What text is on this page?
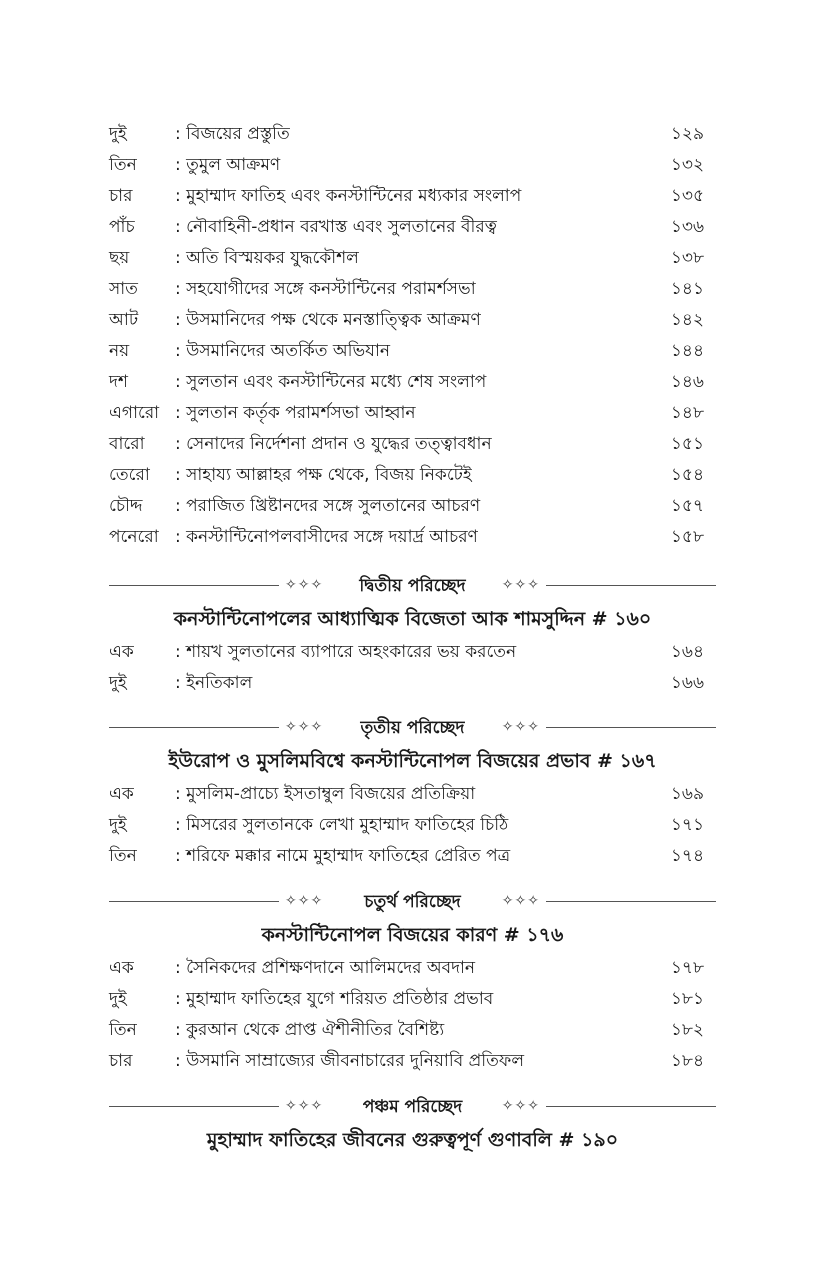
দুই	: বিজয়ের প্রস্তুতি	১২৯
তিন	: তুমুল আক্রমণ	১৩২
চার	: মুহাম্মাদ ফাতিহ এবং কনস্টান্টিনের মধ্যকার সংলাপ	১৩৫
পাঁচ	: নৌবাহিনী-প্রধান বরখাস্ত এবং সুলতানের বীরত্ব	১৩৬
ছয়	: অতি বিস্ময়কর যুদ্ধকৌশল	১৩৮
সাত	: সহযোগীদের সঙ্গে কনস্টান্টিনের পরামর্শসভা	১৪১
আট	: উসমানিদের পক্ষ থেকে মনস্তাত্ত্বিক আক্রমণ	১৪২
নয়	: উসমানিদের অতর্কিত অভিযান	১৪৪
দশ	: সুলতান এবং কনস্টান্টিনের মধ্যে শেষ সংলাপ	১৪৬
এগারো : সুলতান কর্তৃক পরামর্শসভা আহ্বান	১৪৮
বারো	: সেনাদের নির্দেশনা প্রদান ও যুদ্ধের তত্ত্বাবধান	১৫১
তেরো	: সাহায্য আল্লাহর পক্ষ থেকে, বিজয় নিকটেই	১৫৪
চৌদ্দ	: পরাজিত খ্রিষ্টানদের সঙ্গে সুলতানের আচরণ	১৫৭
পনেরো : কনস্টান্টিনোপলবাসীদের সঙ্গে দয়ার্দ্র আচরণ	১৫৮
✧✧✧	দ্বিতীয় পরিচ্ছেদ	✧✧✧
কনস্টান্টিনোপলের আধ্যাত্মিক বিজেতা আক শামসুদ্দিন # ১৬০
এক	: শায়খ সুলতানের ব্যাপারে অহংকারের ভয় করতেন	১৬৪
দুই	: ইনতিকাল	১৬৬
✧✧✧	তৃতীয় পরিচ্ছেদ	✧✧✧
ইউরোপ ও মুসলিমবিশ্বে কনস্টান্টিনোপল বিজয়ের প্রভাব # ১৬৭
এক	: মুসলিম-প্রাচ্যে ইসতাম্বুল বিজয়ের প্রতিক্রিয়া	১৬৯
দুই	: মিসরের সুলতানকে লেখা মুহাম্মাদ ফাতিহের চিঠি	১৭১
তিন	: শরিফে মক্কার নামে মুহাম্মাদ ফাতিহের প্রেরিত পত্র	১৭৪
✧✧✧	চতুর্থ পরিচ্ছেদ	✧✧✧
কনস্টান্টিনোপল বিজয়ের কারণ # ১৭৬
এক	: সৈনিকদের প্রশিক্ষণদানে আলিমদের অবদান	১৭৮
দুই	: মুহাম্মাদ ফাতিহের যুগে শরিয়ত প্রতিষ্ঠার প্রভাব	১৮১
তিন	: কুরআন থেকে প্রাপ্ত ঐশীনীতির বৈশিষ্ট্য	১৮২
চার	: উসমানি সাম্রাজ্যের জীবনাচারের দুনিয়াবি প্রতিফল	১৮৪
✧✧✧	পঞ্চম পরিচ্ছেদ	✧✧✧
মুহাম্মাদ ফাতিহের জীবনের গুরুত্বপূর্ণ গুণাবলি # ১৯০
